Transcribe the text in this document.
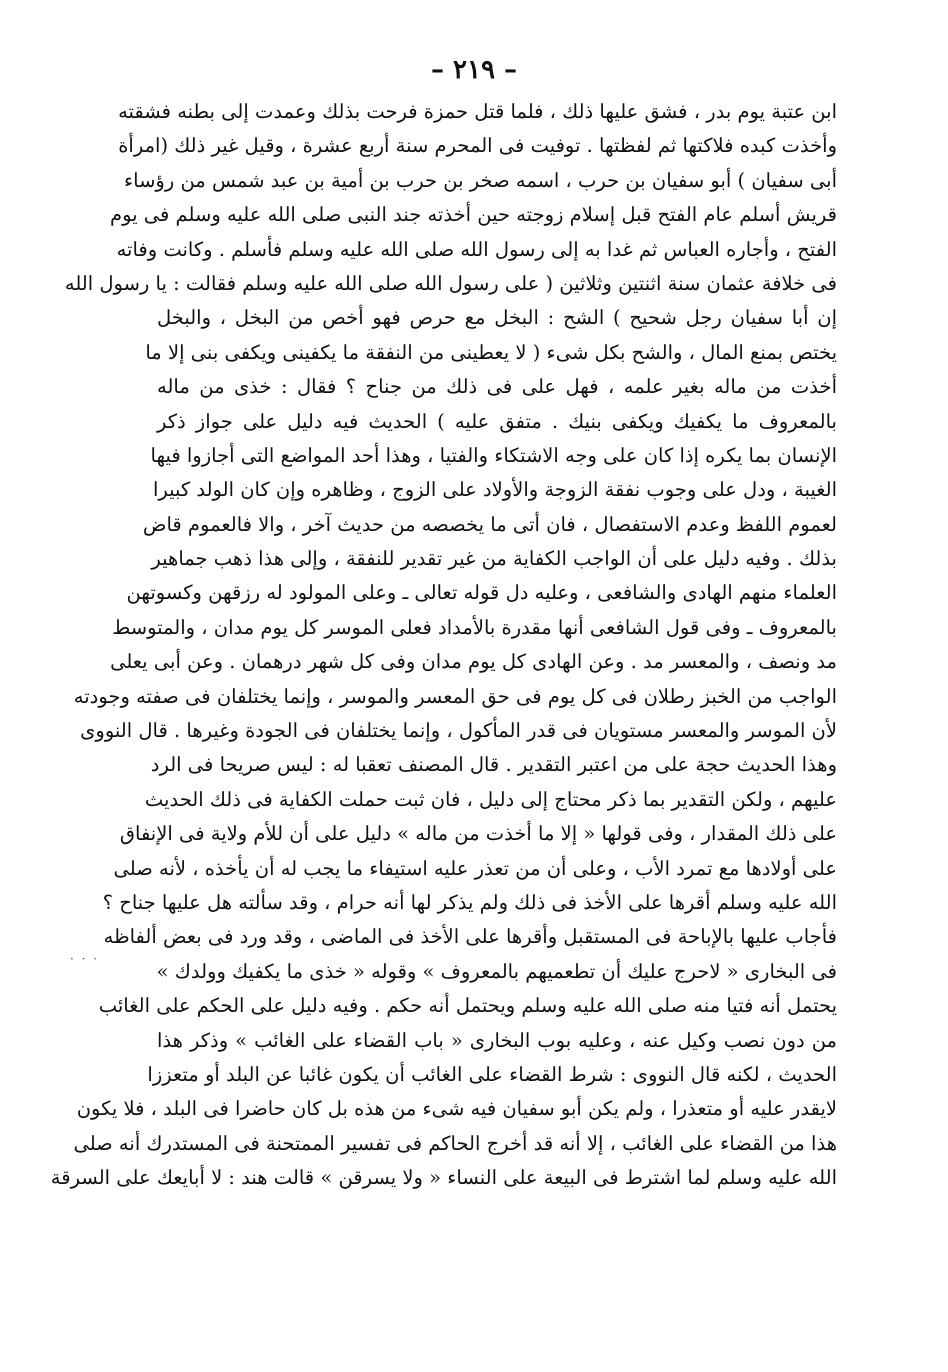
– ٢١٩ –
ابن عتبة يوم بدر ، فشق عليها ذلك ، فلما قتل حمزة فرحت بذلك وعمدت إلى بطنه فشقته
وأخذت كبده فلاكتها ثم لفظتها . توفيت فى المحرم سنة أربع عشرة ، وقيل غير ذلك (امرأة
أبى سفيان ) أبو سفيان بن حرب ، اسمه صخر بن حرب بن أمية بن عبد شمس من رؤساء
قريش أسلم عام الفتح قبل إسلام زوجته حين أخذته جند النبى صلى الله عليه وسلم فى يوم
الفتح ، وأجاره العباس ثم غدا به إلى رسول الله صلى الله عليه وسلم فأسلم . وكانت وفاته
فى خلافة عثمان سنة اثنتين وثلاثين ( على رسول الله صلى الله عليه وسلم فقالت : يا رسول الله
إن أبا سفيان رجل شحيح ) الشح : البخل مع حرص فهو أخص من البخل ، والبخل
يختص بمنع المال ، والشح بكل شىء ( لا يعطينى من النفقة ما يكفينى ويكفى بنى إلا ما
أخذت من ماله بغير علمه ، فهل على فى ذلك من جناح ؟ فقال : خذى من ماله
بالمعروف ما يكفيك ويكفى بنيك . متفق عليه ) الحديث فيه دليل على جواز ذكر
الإنسان بما يكره إذا كان على وجه الاشتكاء والفتيا ، وهذا أحد المواضع التى أجازوا فيها
الغيبة ، ودل على وجوب نفقة الزوجة والأولاد على الزوج ، وظاهره وإن كان الولد كبيرا
لعموم اللفظ وعدم الاستفصال ، فان أتى ما يخصصه من حديث آخر ، والا فالعموم قاض
بذلك . وفيه دليل على أن الواجب الكفاية من غير تقدير للنفقة ، وإلى هذا ذهب جماهير
العلماء منهم الهادى والشافعى ، وعليه دل قوله تعالى ـ وعلى المولود له رزقهن وكسوتهن
بالمعروف ـ وفى قول الشافعى أنها مقدرة بالأمداد فعلى الموسر كل يوم مدان ، والمتوسط
مد ونصف ، والمعسر مد . وعن الهادى كل يوم مدان وفى كل شهر درهمان . وعن أبى يعلى
الواجب من الخبز رطلان فى كل يوم فى حق المعسر والموسر ، وإنما يختلفان فى صفته وجودته
لأن الموسر والمعسر مستويان فى قدر المأكول ، وإنما يختلفان فى الجودة وغيرها . قال النووى
وهذا الحديث حجة على من اعتبر التقدير . قال المصنف تعقبا له : ليس صريحا فى الرد
عليهم ، ولكن التقدير بما ذكر محتاج إلى دليل ، فان ثبت حملت الكفاية فى ذلك الحديث
على ذلك المقدار ، وفى قولها « إلا ما أخذت من ماله » دليل على أن للأم ولاية فى الإنفاق
على أولادها مع تمرد الأب ، وعلى أن من تعذر عليه استيفاء ما يجب له أن يأخذه ، لأنه صلى
الله عليه وسلم أقرها على الأخذ فى ذلك ولم يذكر لها أنه حرام ، وقد سألته هل عليها جناح ؟
فأجاب عليها بالإباحة فى المستقبل وأقرها على الأخذ فى الماضى ، وقد ورد فى بعض ألفاظه
فى البخارى « لاحرج عليك أن تطعميهم بالمعروف » وقوله « خذى ما يكفيك وولدك »
يحتمل أنه فتيا منه صلى الله عليه وسلم ويحتمل أنه حكم . وفيه دليل على الحكم على الغائب
من دون نصب وكيل عنه ، وعليه بوب البخارى « باب القضاء على الغائب » وذكر هذا
الحديث ، لكنه قال النووى : شرط القضاء على الغائب أن يكون غائبا عن البلد أو متعززا
لايقدر عليه أو متعذرا ، ولم يكن أبو سفيان فيه شىء من هذه بل كان حاضرا فى البلد ، فلا يكون
هذا من القضاء على الغائب ، إلا أنه قد أخرج الحاكم فى تفسير الممتحنة فى المستدرك أنه صلى
الله عليه وسلم لما اشترط فى البيعة على النساء « ولا يسرقن » قالت هند : لا أبايعك على السرقة
· · ·
